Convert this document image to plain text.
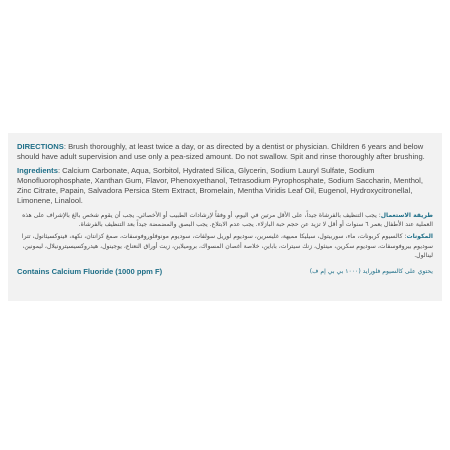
DIRECTIONS: Brush thoroughly, at least twice a day, or as directed by a dentist or physician. Children 6 years and below should have adult supervision and use only a pea-sized amount. Do not swallow. Spit and rinse thoroughly after brushing.

Ingredients: Calcium Carbonate, Aqua, Sorbitol, Hydrated Silica, Glycerin, Sodium Lauryl Sulfate, Sodium Monofluorophosphate, Xanthan Gum, Flavor, Phenoxyethanol, Tetrasodium Pyrophosphate, Sodium Saccharin, Menthol, Zinc Citrate, Papain, Salvadora Persica Stem Extract, Bromelain, Mentha Viridis Leaf Oil, Eugenol, Hydroxycitronellal, Limonene, Linalool.

طريقة الاستعمال: يجب التنظيف بالفرشاة جيداً، على الأقل مرتين في اليوم، أو وفقاً لإرشادات الطبيب أو الأخصائي. يجب أن يقوم شخص بالغ بالإشراف على هذه العملية عند الأطفال بعمر ٦ سنوات أو أقل لا تزيد عن حجم حبة البازلاء. يجب عدم الابتلاع. يجب البصق والمضمضة جيداً بعد التنظيف بالفرشاة.

المكونات: كالسيوم كربونات، ماء، سوربيتول، سيليكا مميهة، غليسرين، سوديوم لوريل سولفات، سوديوم مونوفلوروفوسفات، صمغ كزانتان، نكهة، فينوكسيثانول، تترا سوديوم بيروفوسفات، سوديوم سكرين، مينثول، زنك سيترات، باباين، خلاصة أغصان المسواك، بروميلاين، زيت أوراق النعناع، يوجينول، هيدروكسيسيترونيلال، ليمونين، لينالول.

Contains Calcium Fluoride (1000 ppm F)	يحتوي على كالسيوم فلورايد (١٠٠٠ بي بي إم ف)
